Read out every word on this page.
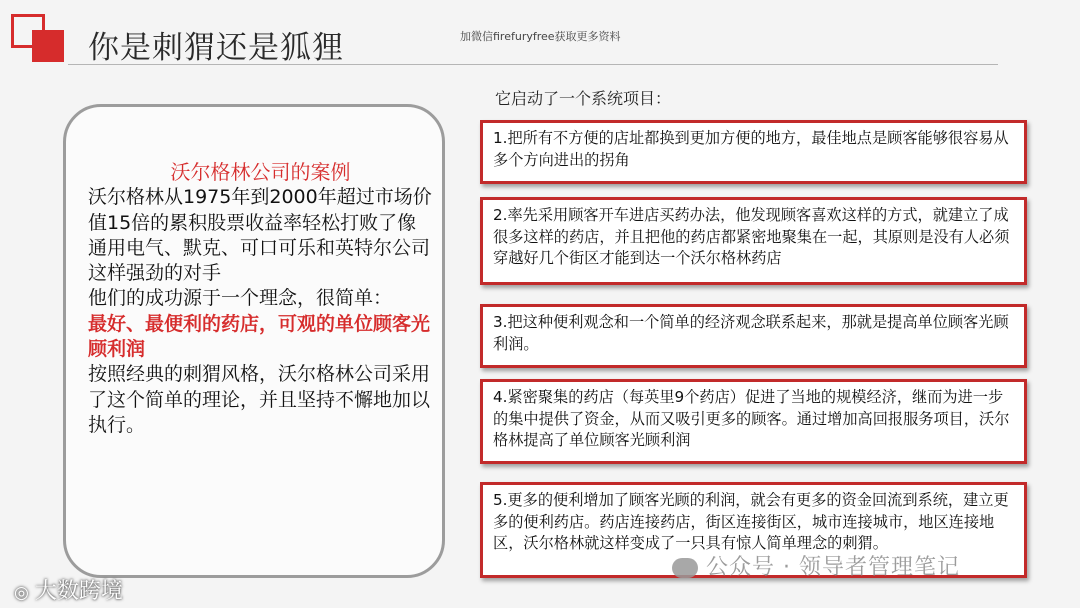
你是刺猬还是狐狸	加微信firefuryfree获取更多资料
沃尔格林公司的案例

沃尔格林从1975年到2000年超过市场价值15倍的累积股票收益率轻松打败了像通用电气、默克、可口可乐和英特尔公司这样强劲的对手

他们的成功源于一个理念，很简单：

最好、最便利的药店，可观的单位顾客光顾利润

按照经典的刺猬风格，沃尔格林公司采用了这个简单的理论，并且坚持不懈地加以执行。

它启动了一个系统项目：
1.把所有不方便的店址都换到更加方便的地方，最佳地点是顾客能够很容易从多个方向进出的拐角
2.率先采用顾客开车进店买药办法，他发现顾客喜欢这样的方式，就建立了成很多这样的药店，并且把他的药店都紧密地聚集在一起，其原则是没有人必须穿越好几个街区才能到达一个沃尔格林药店
3.把这种便利观念和一个简单的经济观念联系起来，那就是提高单位顾客光顾利润。
4.紧密聚集的药店（每英里9个药店）促进了当地的规模经济，继而为进一步的集中提供了资金，从而又吸引更多的顾客。通过增加高回报服务项目，沃尔格林提高了单位顾客光顾利润
5.更多的便利增加了顾客光顾的利润，就会有更多的资金回流到系统，建立更多的便利药店。药店连接药店，街区连接街区，城市连接城市，地区连接地区，沃尔格林就这样变成了一只具有惊人简单理念的刺猬。
◎ 大数跨境
公众号 · 领导者管理笔记
